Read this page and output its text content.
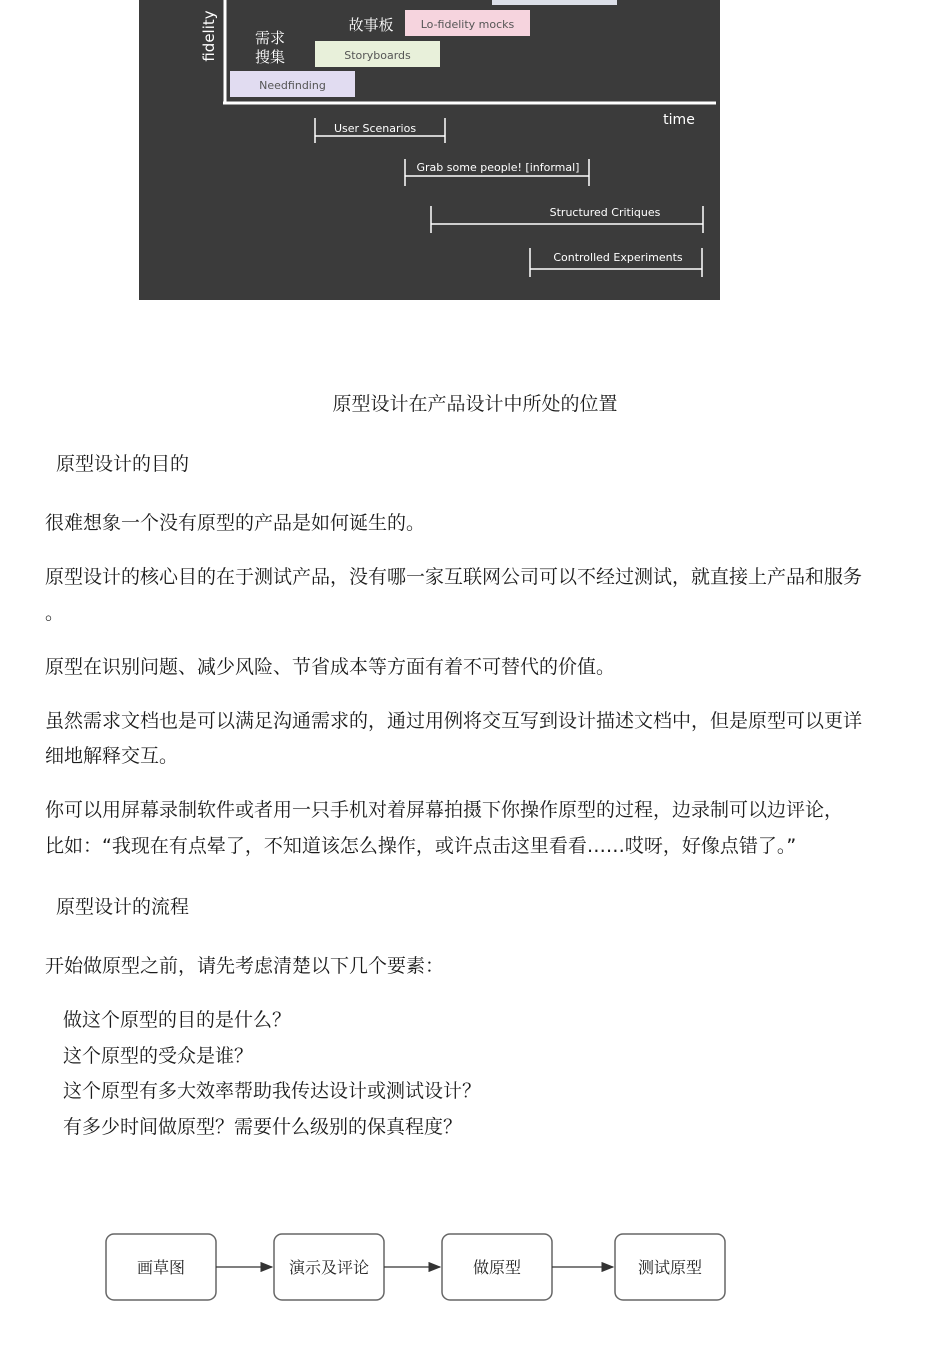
fidelity
time
故事板
需求
搜集
Lo-fidelity mocks
Storyboards
Needfinding
User Scenarios
Grab some people! [informal]
Structured Critiques
Controlled Experiments
原型设计在产品设计中所处的位置
原型设计的目的
很难想象一个没有原型的产品是如何诞生的。
原型设计的核心目的在于测试产品，没有哪一家互联网公司可以不经过测试，就直接上产品和服务
。
原型在识别问题、减少风险、节省成本等方面有着不可替代的价值。
虽然需求文档也是可以满足沟通需求的，通过用例将交互写到设计描述文档中，但是原型可以更详
细地解释交互。
你可以用屏幕录制软件或者用一只手机对着屏幕拍摄下你操作原型的过程，边录制可以边评论，
比如：“我现在有点晕了，不知道该怎么操作，或许点击这里看看……哎呀，好像点错了。”
原型设计的流程
开始做原型之前，请先考虑清楚以下几个要素：
做这个原型的目的是什么？
这个原型的受众是谁？
这个原型有多大效率帮助我传达设计或测试设计？
有多少时间做原型？需要什么级别的保真程度？
画草图	演示及评论	做原型	测试原型
